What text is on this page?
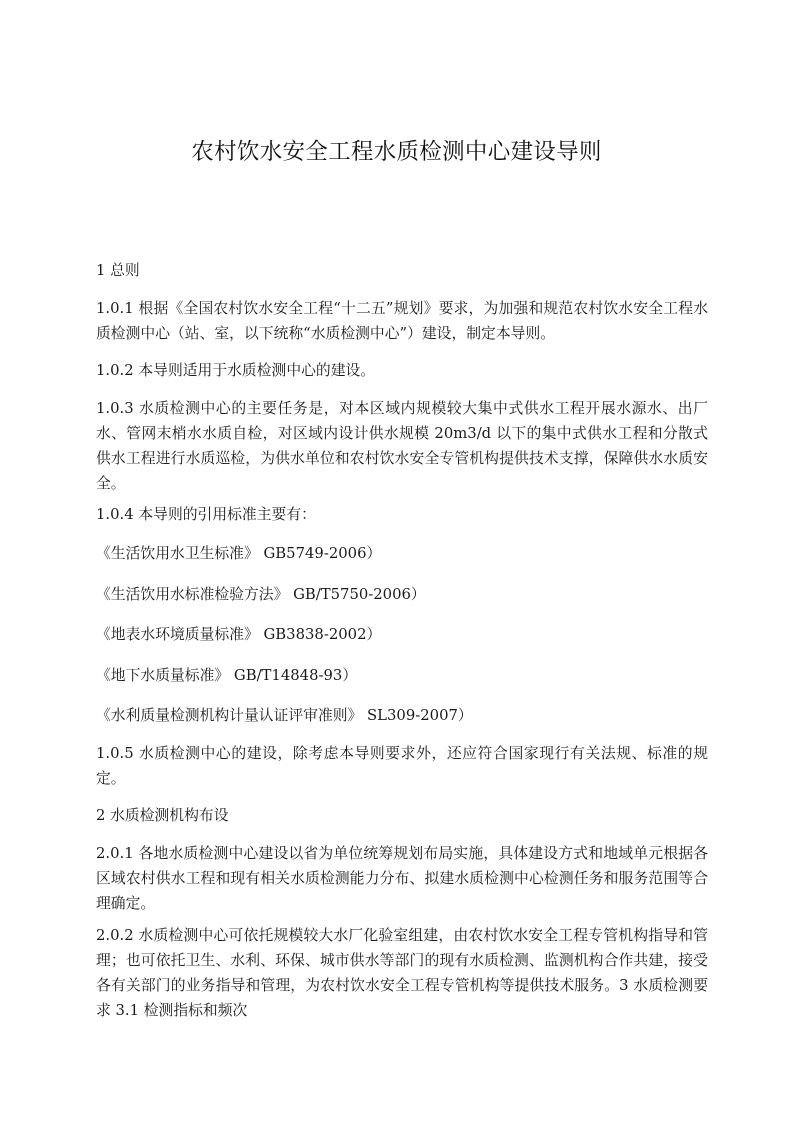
农村饮水安全工程水质检测中心建设导则
1 总则
1.0.1 根据《全国农村饮水安全工程“十二五”规划》要求，为加强和规范农村饮水安全工程水质检测中心（站、室，以下统称“水质检测中心”）建设，制定本导则。
1.0.2 本导则适用于水质检测中心的建设。
1.0.3 水质检测中心的主要任务是，对本区域内规模较大集中式供水工程开展水源水、出厂水、管网末梢水水质自检，对区域内设计供水规模 20m3/d 以下的集中式供水工程和分散式供水工程进行水质巡检，为供水单位和农村饮水安全专管机构提供技术支撑，保障供水水质安全。
1.0.4 本导则的引用标准主要有：
《生活饮用水卫生标准》 GB5749-2006）
《生活饮用水标准检验方法》 GB/T5750-2006）
《地表水环境质量标准》 GB3838-2002）
《地下水质量标准》 GB/T14848-93）
《水利质量检测机构计量认证评审准则》 SL309-2007）
1.0.5 水质检测中心的建设，除考虑本导则要求外，还应符合国家现行有关法规、标准的规定。
2 水质检测机构布设
2.0.1 各地水质检测中心建设以省为单位统筹规划布局实施，具体建设方式和地域单元根据各区域农村供水工程和现有相关水质检测能力分布、拟建水质检测中心检测任务和服务范围等合理确定。
2.0.2 水质检测中心可依托规模较大水厂化验室组建，由农村饮水安全工程专管机构指导和管理；也可依托卫生、水利、环保、城市供水等部门的现有水质检测、监测机构合作共建，接受各有关部门的业务指导和管理，为农村饮水安全工程专管机构等提供技术服务。3 水质检测要求 3.1 检测指标和频次
